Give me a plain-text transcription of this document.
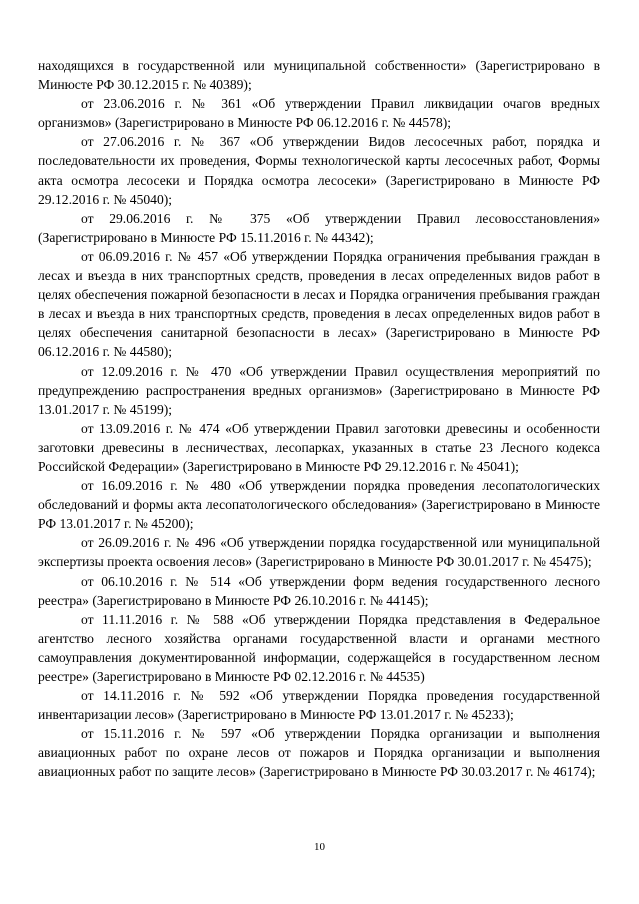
находящихся в государственной или муниципальной собственности» (Зарегистрировано в Минюсте РФ 30.12.2015 г. № 40389);

от 23.06.2016 г. № 361 «Об утверждении Правил ликвидации очагов вредных организмов» (Зарегистрировано в Минюсте РФ 06.12.2016 г. № 44578);

от 27.06.2016 г. № 367 «Об утверждении Видов лесосечных работ, порядка и последовательности их проведения, Формы технологической карты лесосечных работ, Формы акта осмотра лесосеки и Порядка осмотра лесосеки» (Зарегистрировано в Минюсте РФ 29.12.2016 г. № 45040);

от 29.06.2016 г. № 375 «Об утверждении Правил лесовосстановления» (Зарегистрировано в Минюсте РФ 15.11.2016 г. № 44342);

от 06.09.2016 г. № 457 «Об утверждении Порядка ограничения пребывания граждан в лесах и въезда в них транспортных средств, проведения в лесах определенных видов работ в целях обеспечения пожарной безопасности в лесах и Порядка ограничения пребывания граждан в лесах и въезда в них транспортных средств, проведения в лесах определенных видов работ в целях обеспечения санитарной безопасности в лесах» (Зарегистрировано в Минюсте РФ 06.12.2016 г. № 44580);

от 12.09.2016 г. № 470 «Об утверждении Правил осуществления мероприятий по предупреждению распространения вредных организмов» (Зарегистрировано в Минюсте РФ 13.01.2017 г. № 45199);

от 13.09.2016 г. № 474 «Об утверждении Правил заготовки древесины и особенности заготовки древесины в лесничествах, лесопарках, указанных в статье 23 Лесного кодекса Российской Федерации» (Зарегистрировано в Минюсте РФ 29.12.2016 г. № 45041);

от 16.09.2016 г. № 480 «Об утверждении порядка проведения лесопатологических обследований и формы акта лесопатологического обследования» (Зарегистрировано в Минюсте РФ 13.01.2017 г. № 45200);

от 26.09.2016 г. № 496 «Об утверждении порядка государственной или муниципальной экспертизы проекта освоения лесов» (Зарегистрировано в Минюсте РФ 30.01.2017 г. № 45475);

от 06.10.2016 г. № 514 «Об утверждении форм ведения государственного лесного реестра» (Зарегистрировано в Минюсте РФ 26.10.2016 г. № 44145);

от 11.11.2016 г. № 588 «Об утверждении Порядка представления в Федеральное агентство лесного хозяйства органами государственной власти и органами местного самоуправления документированной информации, содержащейся в государственном лесном реестре» (Зарегистрировано в Минюсте РФ 02.12.2016 г. № 44535)

от 14.11.2016 г. № 592 «Об утверждении Порядка проведения государственной инвентаризации лесов» (Зарегистрировано в Минюсте РФ 13.01.2017 г. № 45233);

от 15.11.2016 г. № 597 «Об утверждении Порядка организации и выполнения авиационных работ по охране лесов от пожаров и Порядка организации и выполнения авиационных работ по защите лесов» (Зарегистрировано в Минюсте РФ 30.03.2017 г. № 46174);

10
